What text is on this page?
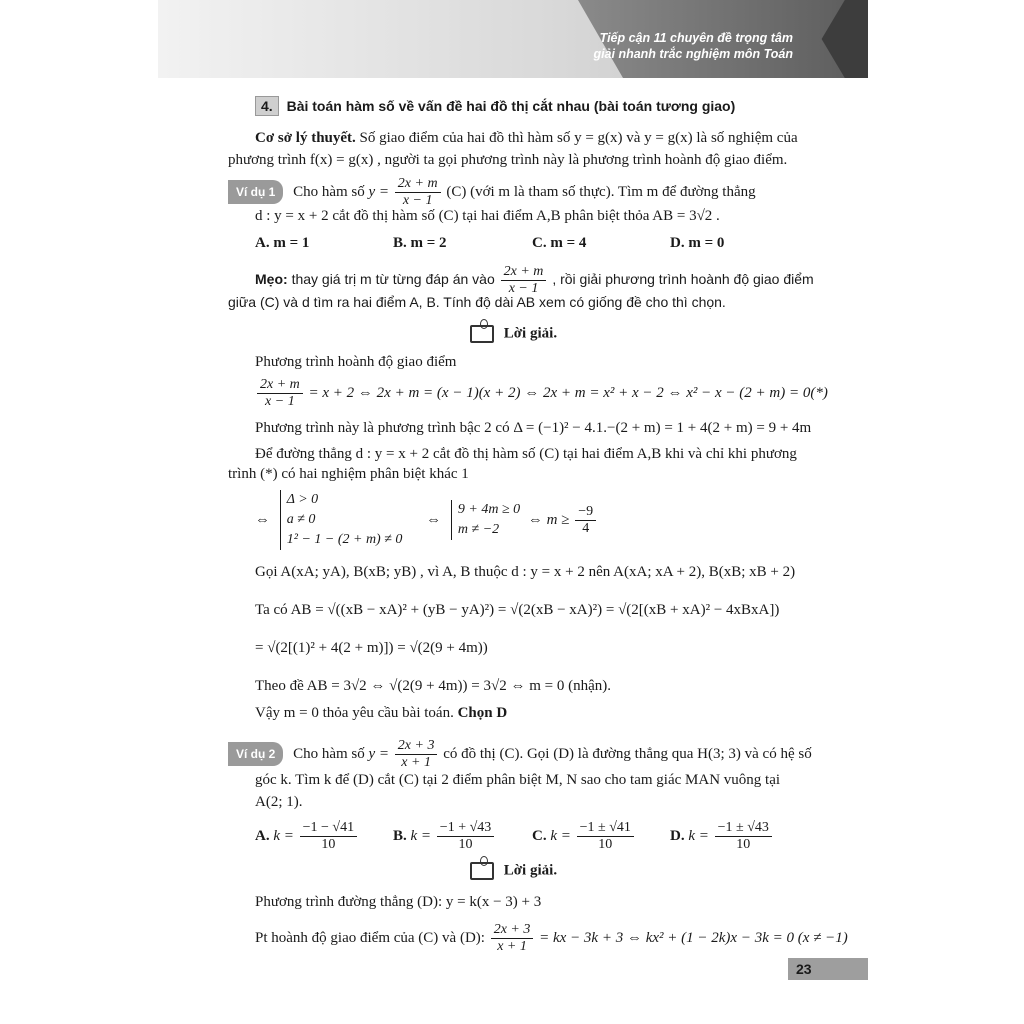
Tiếp cận 11 chuyên đề trọng tâm
giải nhanh trắc nghiệm môn Toán
4. Bài toán hàm số về vấn đề hai đồ thị cắt nhau (bài toán tương giao)
Cơ sở lý thuyết. Số giao điểm của hai đồ thì hàm số y = g(x) và y = g(x) là số nghiệm của
phương trình f(x) = g(x) , người ta gọi phương trình này là phương trình hoành độ giao điểm.
Ví dụ 1 Cho hàm số $y = \frac{2x + m}{x - 1} (C)$ (với m là tham số thực). Tìm m để đường thẳng
d : y = x + 2 cắt đồ thị hàm số (C) tại hai điểm A,B phân biệt thỏa AB = 3√2 .
A. m = 1	B. m = 2	C. m = 4	D. m = 0
Mẹo: thay giá trị m từ từng đáp án vào $\frac{2x + m}{x - 1}$ , rồi giải phương trình hoành độ giao điểm
giữa (C) và d tìm ra hai điểm A, B. Tính độ dài AB xem có giống đề cho thì chọn.
Lời giải.
Phương trình hoành độ giao điểm
$\frac{2x + m}{x - 1} = x + 2$ ⇔ 2x + m = (x − 1)(x + 2) ⇔ 2x + m = x² + x − 2 ⇔ x² − x − (2 + m) = 0(*)
Phương trình này là phương trình bậc 2 có Δ = (−1)² − 4.1.−(2 + m) = 1 + 4(2 + m) = 9 + 4m
Để đường thẳng d : y = x + 2 cắt đồ thị hàm số (C) tại hai điểm A,B khi và chỉ khi phương
trình (*) có hai nghiệm phân biệt khác 1
⇔
Δ > 0
a ≠ 0
1² − 1 − (2 + m) ≠ 0
⇔
9 + 4m ≥ 0
m ≠ −2
⇔ $m \ge \frac{-9}{4}$
Gọi A(xA; yA), B(xB; yB) , vì A, B thuộc d : y = x + 2 nên A(xA; xA + 2), B(xB; xB + 2)
Ta có AB = √((xB − xA)² + (yB − yA)²) = √(2(xB − xA)²) = √(2[(xB + xA)² − 4xBxA])
= √(2[(1)² + 4(2 + m)]) = √(2(9 + 4m))
Theo đề AB = 3√2 ⇔ √(2(9 + 4m)) = 3√2 ⇔ m = 0 (nhận).
Vậy m = 0 thỏa yêu cầu bài toán. Chọn D
Ví dụ 2 Cho hàm số $y = \frac{2x + 3}{x + 1}$ có đồ thị (C). Gọi (D) là đường thẳng qua H(3; 3) và có hệ số
góc k. Tìm k để (D) cắt (C) tại 2 điểm phân biệt M, N sao cho tam giác MAN vuông tại
A(2; 1).
A. $k = \frac{-1 - √41}{10} B$. $k = \frac{-1 + √43}{10}$	C. $k = \frac{-1 \pm √41}{10} D$. $k = \frac{-1 \pm √43}{10}$
Lời giải.
Phương trình đường thẳng (D): y = k(x − 3) + 3
Pt hoành độ giao điểm của (C) và (D): $\frac{2x + 3}{x + 1}$ = kx − 3k + 3 ⇔ kx² + (1 − 2k)x − 3k = 0 (x ≠ −1)
23
